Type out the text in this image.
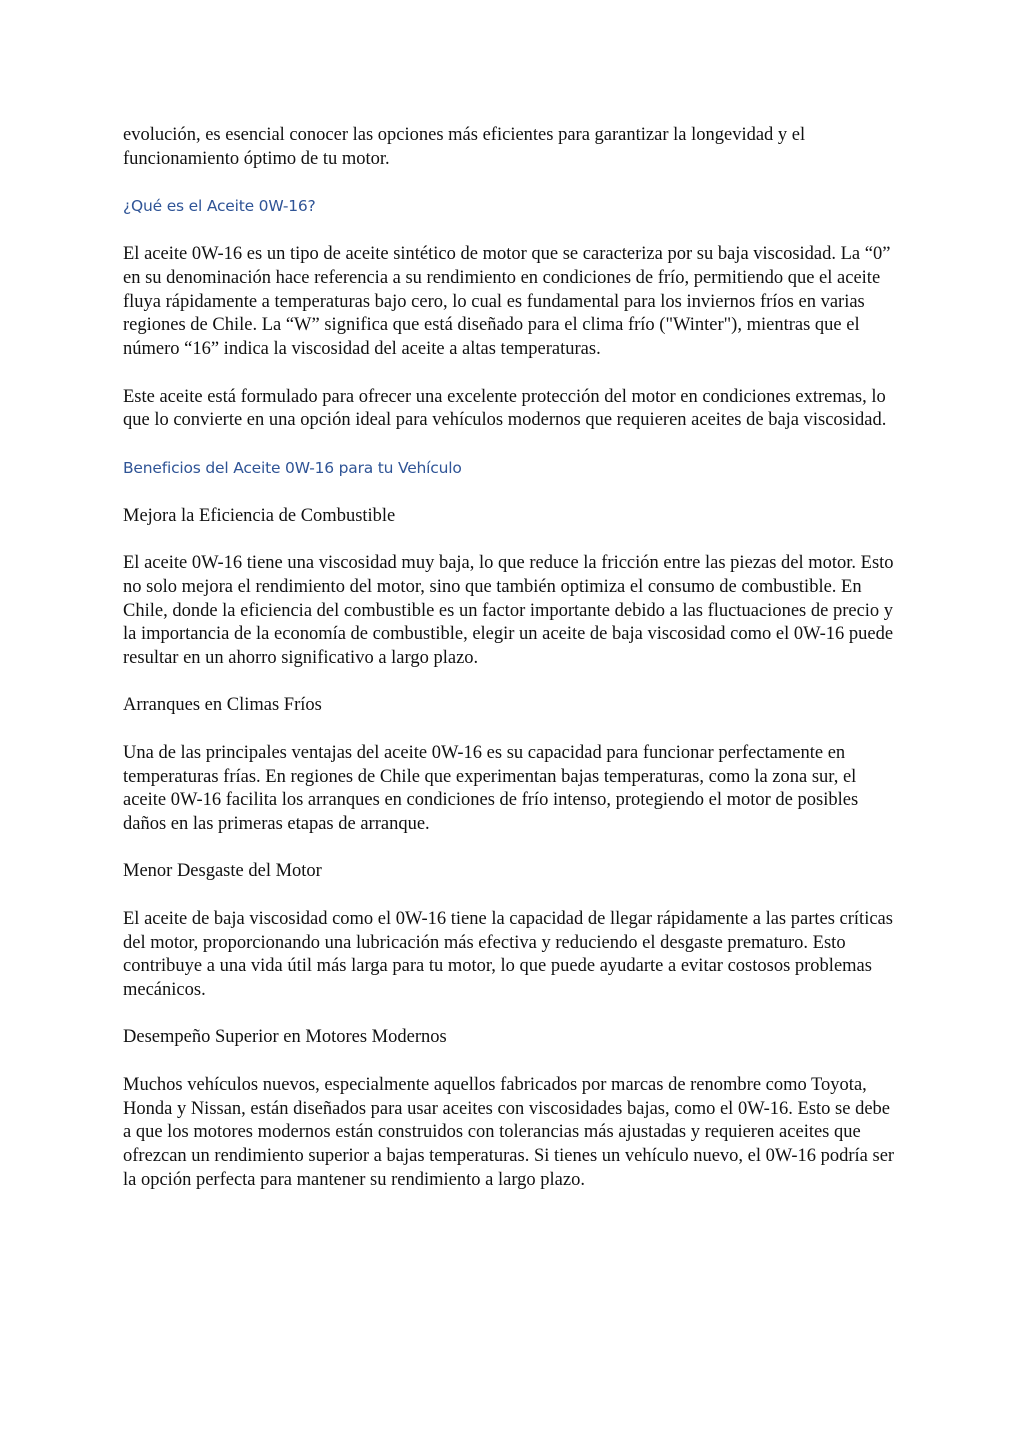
evolución, es esencial conocer las opciones más eficientes para garantizar la longevidad y el funcionamiento óptimo de tu motor.

¿Qué es el Aceite 0W-16?

El aceite 0W-16 es un tipo de aceite sintético de motor que se caracteriza por su baja viscosidad. La “0” en su denominación hace referencia a su rendimiento en condiciones de frío, permitiendo que el aceite fluya rápidamente a temperaturas bajo cero, lo cual es fundamental para los inviernos fríos en varias regiones de Chile. La “W” significa que está diseñado para el clima frío ("Winter"), mientras que el número “16” indica la viscosidad del aceite a altas temperaturas.

Este aceite está formulado para ofrecer una excelente protección del motor en condiciones extremas, lo que lo convierte en una opción ideal para vehículos modernos que requieren aceites de baja viscosidad.

Beneficios del Aceite 0W-16 para tu Vehículo

Mejora la Eficiencia de Combustible

El aceite 0W-16 tiene una viscosidad muy baja, lo que reduce la fricción entre las piezas del motor. Esto no solo mejora el rendimiento del motor, sino que también optimiza el consumo de combustible. En Chile, donde la eficiencia del combustible es un factor importante debido a las fluctuaciones de precio y la importancia de la economía de combustible, elegir un aceite de baja viscosidad como el 0W-16 puede resultar en un ahorro significativo a largo plazo.

Arranques en Climas Fríos

Una de las principales ventajas del aceite 0W-16 es su capacidad para funcionar perfectamente en temperaturas frías. En regiones de Chile que experimentan bajas temperaturas, como la zona sur, el aceite 0W-16 facilita los arranques en condiciones de frío intenso, protegiendo el motor de posibles daños en las primeras etapas de arranque.

Menor Desgaste del Motor

El aceite de baja viscosidad como el 0W-16 tiene la capacidad de llegar rápidamente a las partes críticas del motor, proporcionando una lubricación más efectiva y reduciendo el desgaste prematuro. Esto contribuye a una vida útil más larga para tu motor, lo que puede ayudarte a evitar costosos problemas mecánicos.

Desempeño Superior en Motores Modernos

Muchos vehículos nuevos, especialmente aquellos fabricados por marcas de renombre como Toyota, Honda y Nissan, están diseñados para usar aceites con viscosidades bajas, como el 0W-16. Esto se debe a que los motores modernos están construidos con tolerancias más ajustadas y requieren aceites que ofrezcan un rendimiento superior a bajas temperaturas. Si tienes un vehículo nuevo, el 0W-16 podría ser la opción perfecta para mantener su rendimiento a largo plazo.
